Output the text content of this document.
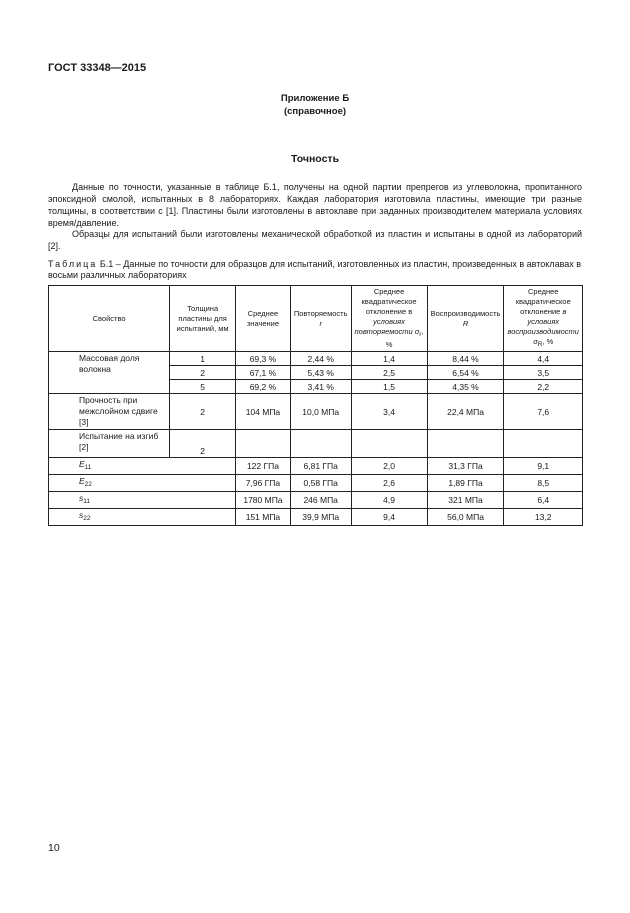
ГОСТ 33348—2015
Приложение Б
(справочное)
Точность

Данные по точности, указанные в таблице Б.1, получены на одной партии препрегов из углеволокна, пропитанного эпоксидной смолой, испытанных в 8 лабораториях. Каждая лаборатория изготовила пластины, имеющие три разные толщины, в соответствии с [1]. Пластины были изготовлены в автоклаве при заданных производителем материала условиях время/давление.

Образцы для испытаний были изготовлены механической обработкой из пластин и испытаны в одной из лабораторий [2].

Таблица Б.1 – Данные по точности для образцов для испытаний, изготовленных из пластин, произведенных в автоклавах в восьми различных лабораториях
Свойство	Толщина пластины для испытаний, мм	Среднее значение	Повторяемость r	Среднее квадратическое отклонение в условиях повторяемости σr, %	Воспроизводимость R	Среднее квадратическое отклонение в условиях воспроизводимости σR, %
Массовая доля волокна	1	69,3 %	2,44 %	1,4	8,44 %	4,4
	2	67,1 %	5,43 %	2,5	6,54 %	3,5
	5	69,2 %	3,41 %	1,5	4,35 %	2,2
Прочность при межслойном сдвиге [3]	2	104 МПа	10,0 МПа	3,4	22,4 МПа	7,6
Испытание на изгиб [2]	2					
$E_{11}$		122 ГПа	6,81 ГПа	2,0	31,3 ГПа	9,1
$E_{22}$		7,96 ГПа	0,58 ГПа	2,6	1,89 ГПа	8,5
$s_{11}$		1780 МПа	246 МПа	4,9	321 МПа	6,4
$s_{22}$		151 МПа	39,9 МПа	9,4	56,0 МПа	13,2
10
